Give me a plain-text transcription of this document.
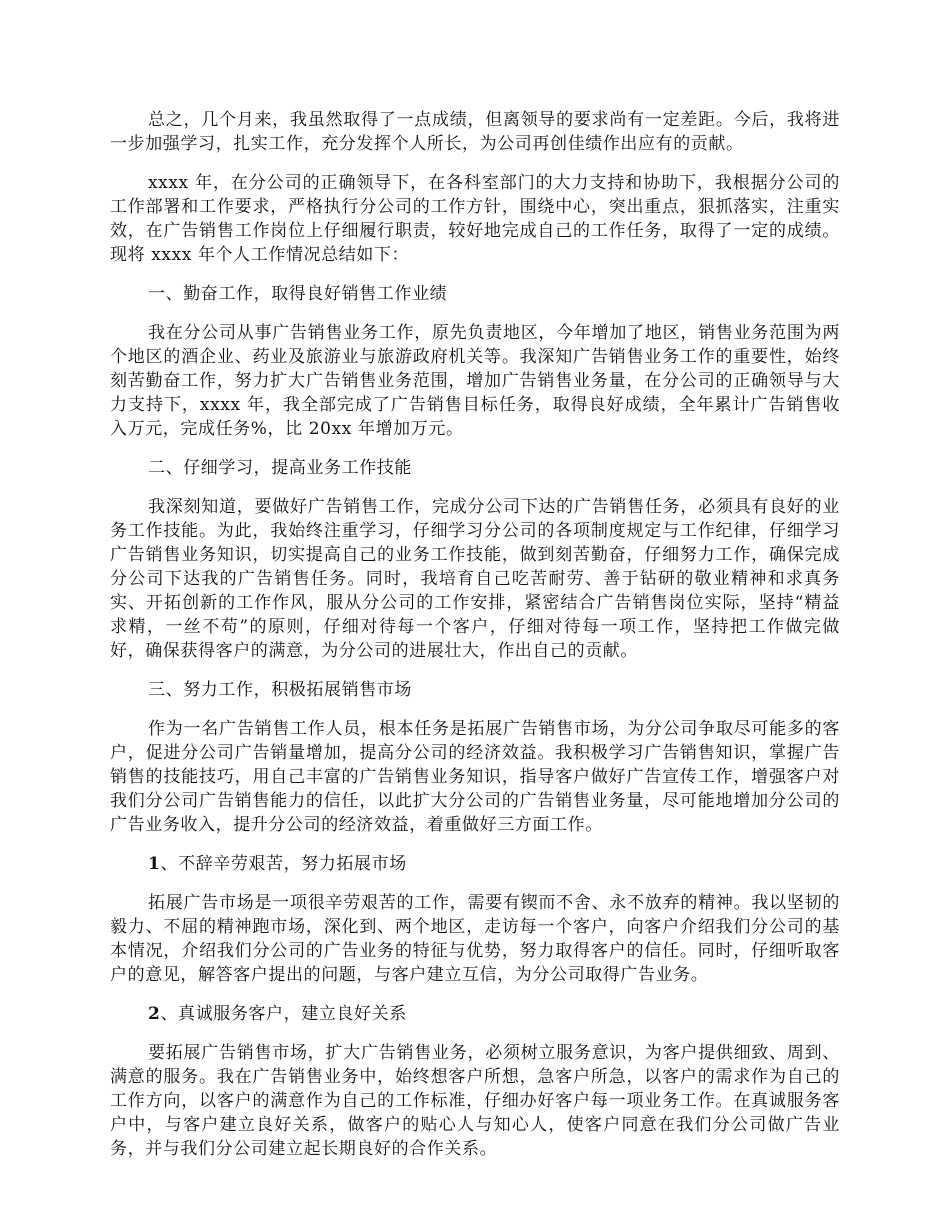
总之，几个月来，我虽然取得了一点成绩，但离领导的要求尚有一定差距。今后，我将进一步加强学习，扎实工作，充分发挥个人所长，为公司再创佳绩作出应有的贡献。

xxxx 年，在分公司的正确领导下，在各科室部门的大力支持和协助下，我根据分公司的工作部署和工作要求，严格执行分公司的工作方针，围绕中心，突出重点，狠抓落实，注重实效，在广告销售工作岗位上仔细履行职责，较好地完成自己的工作任务，取得了一定的成绩。现将 xxxx 年个人工作情况总结如下：

一、勤奋工作，取得良好销售工作业绩

我在分公司从事广告销售业务工作，原先负责地区，今年增加了地区，销售业务范围为两个地区的酒企业、药业及旅游业与旅游政府机关等。我深知广告销售业务工作的重要性，始终刻苦勤奋工作，努力扩大广告销售业务范围，增加广告销售业务量，在分公司的正确领导与大力支持下，xxxx 年，我全部完成了广告销售目标任务，取得良好成绩，全年累计广告销售收入万元，完成任务%，比 20xx 年增加万元。

二、仔细学习，提高业务工作技能

我深刻知道，要做好广告销售工作，完成分公司下达的广告销售任务，必须具有良好的业务工作技能。为此，我始终注重学习，仔细学习分公司的各项制度规定与工作纪律，仔细学习广告销售业务知识，切实提高自己的业务工作技能，做到刻苦勤奋，仔细努力工作，确保完成分公司下达我的广告销售任务。同时，我培育自己吃苦耐劳、善于钻研的敬业精神和求真务实、开拓创新的工作作风，服从分公司的工作安排，紧密结合广告销售岗位实际，坚持“精益求精，一丝不苟”的原则，仔细对待每一个客户，仔细对待每一项工作，坚持把工作做完做好，确保获得客户的满意，为分公司的进展壮大，作出自己的贡献。

三、努力工作，积极拓展销售市场

作为一名广告销售工作人员，根本任务是拓展广告销售市场，为分公司争取尽可能多的客户，促进分公司广告销量增加，提高分公司的经济效益。我积极学习广告销售知识，掌握广告销售的技能技巧，用自己丰富的广告销售业务知识，指导客户做好广告宣传工作，增强客户对我们分公司广告销售能力的信任，以此扩大分公司的广告销售业务量，尽可能地增加分公司的广告业务收入，提升分公司的经济效益，着重做好三方面工作。

1、不辞辛劳艰苦，努力拓展市场

拓展广告市场是一项很辛劳艰苦的工作，需要有锲而不舍、永不放弃的精神。我以坚韧的毅力、不屈的精神跑市场，深化到、两个地区，走访每一个客户，向客户介绍我们分公司的基本情况，介绍我们分公司的广告业务的特征与优势，努力取得客户的信任。同时，仔细听取客户的意见，解答客户提出的问题，与客户建立互信，为分公司取得广告业务。

2、真诚服务客户，建立良好关系

要拓展广告销售市场，扩大广告销售业务，必须树立服务意识，为客户提供细致、周到、满意的服务。我在广告销售业务中，始终想客户所想，急客户所急，以客户的需求作为自己的工作方向，以客户的满意作为自己的工作标准，仔细办好客户每一项业务工作。在真诚服务客户中，与客户建立良好关系，做客户的贴心人与知心人，使客户同意在我们分公司做广告业务，并与我们分公司建立起长期良好的合作关系。
